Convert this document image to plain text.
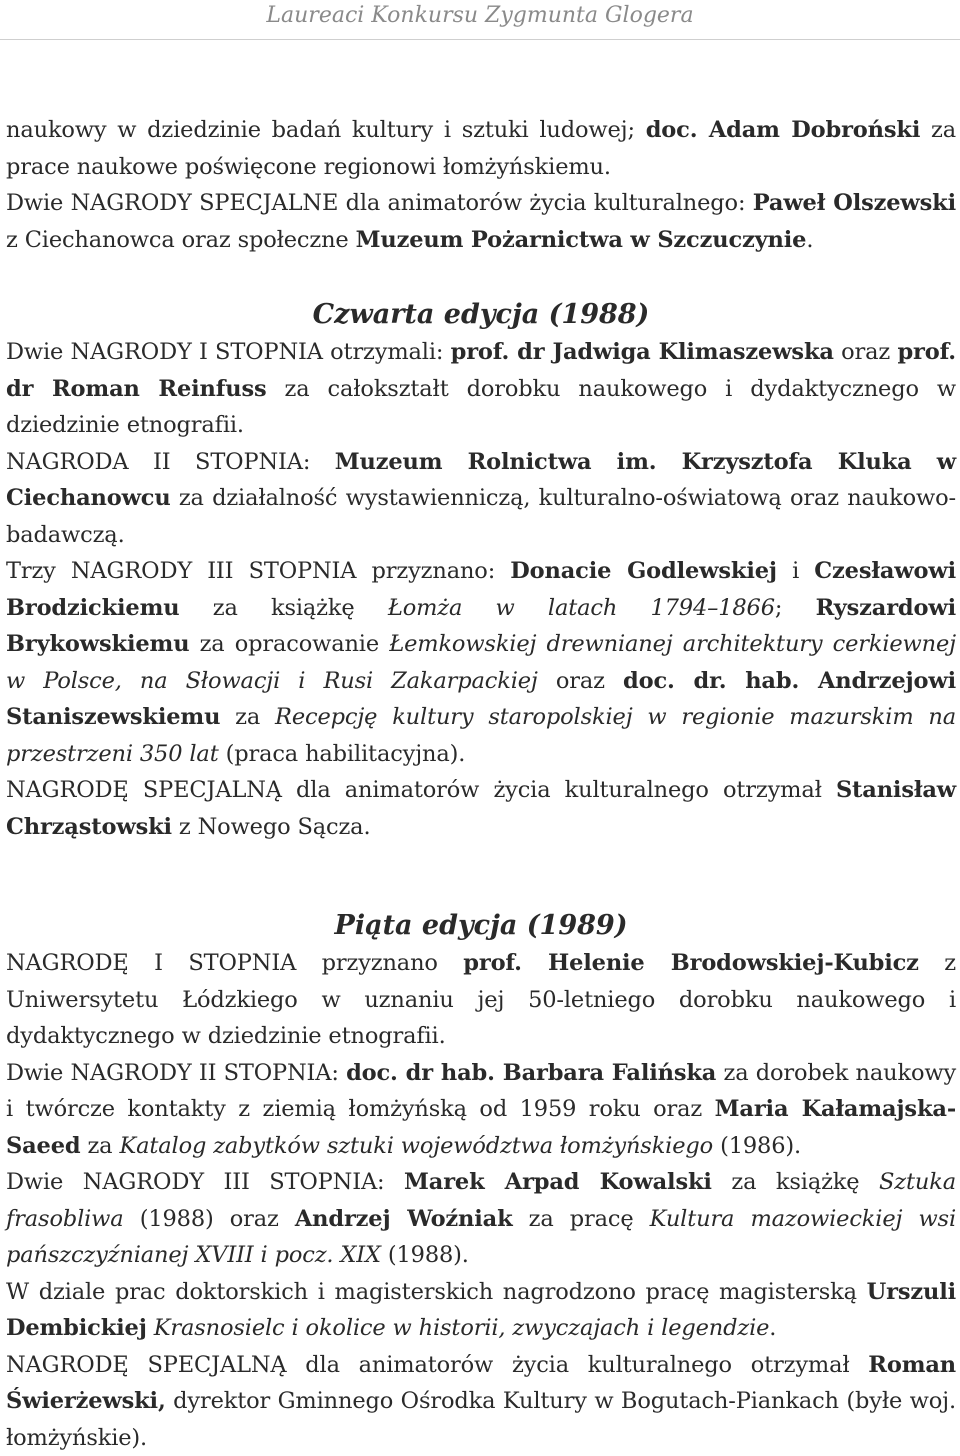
Laureaci Konkursu Zygmunta Glogera

naukowy w dziedzinie badań kultury i sztuki ludowej; doc. Adam Dobroński za prace naukowe poświęcone regionowi łomżyńskiemu.

Dwie NAGRODY SPECJALNE dla animatorów życia kulturalnego: Paweł Olszewski z Ciechanowca oraz społeczne Muzeum Pożarnictwa w Szczuczynie.

Czwarta edycja (1988)

Dwie NAGRODY I STOPNIA otrzymali: prof. dr Jadwiga Klimaszewska oraz prof. dr Roman Reinfuss za całokształt dorobku naukowego i dydaktycznego w dziedzinie etnografii.

NAGRODA II STOPNIA: Muzeum Rolnictwa im. Krzysztofa Kluka w Ciechanowcu za działalność wystawienniczą, kulturalno-oświatową oraz naukowo-badawczą.

Trzy NAGRODY III STOPNIA przyznano: Donacie Godlewskiej i Czesławowi Brodzickiemu za książkę Łomża w latach 1794–1866; Ryszardowi Brykowskiemu za opracowanie Łemkowskiej drewnianej architektury cerkiewnej w Polsce, na Słowacji i Rusi Zakarpackiej oraz doc. dr. hab. Andrzejowi Staniszewskiemu za Recepcję kultury staropolskiej w regionie mazurskim na przestrzeni 350 lat (praca habilitacyjna).

NAGRODĘ SPECJALNĄ dla animatorów życia kulturalnego otrzymał Stanisław Chrząstowski z Nowego Sącza.

Piąta edycja (1989)

NAGRODĘ I STOPNIA przyznano prof. Helenie Brodowskiej-Kubicz z Uniwersytetu Łódzkiego w uznaniu jej 50-letniego dorobku naukowego i dydaktycznego w dziedzinie etnografii.

Dwie NAGRODY II STOPNIA: doc. dr hab. Barbara Falińska za dorobek naukowy i twórcze kontakty z ziemią łomżyńską od 1959 roku oraz Maria Kałamajska-Saeed za Katalog zabytków sztuki województwa łomżyńskiego (1986).

Dwie NAGRODY III STOPNIA: Marek Arpad Kowalski za książkę Sztuka frasobliwa (1988) oraz Andrzej Woźniak za pracę Kultura mazowieckiej wsi pańszczyźnianej XVIII i pocz. XIX (1988).

W dziale prac doktorskich i magisterskich nagrodzono pracę magisterską Urszuli Dembickiej Krasnosielc i okolice w historii, zwyczajach i legendzie.

NAGRODĘ SPECJALNĄ dla animatorów życia kulturalnego otrzymał Roman Świerżewski, dyrektor Gminnego Ośrodka Kultury w Bogutach-Piankach (byłe woj. łomżyńskie).
